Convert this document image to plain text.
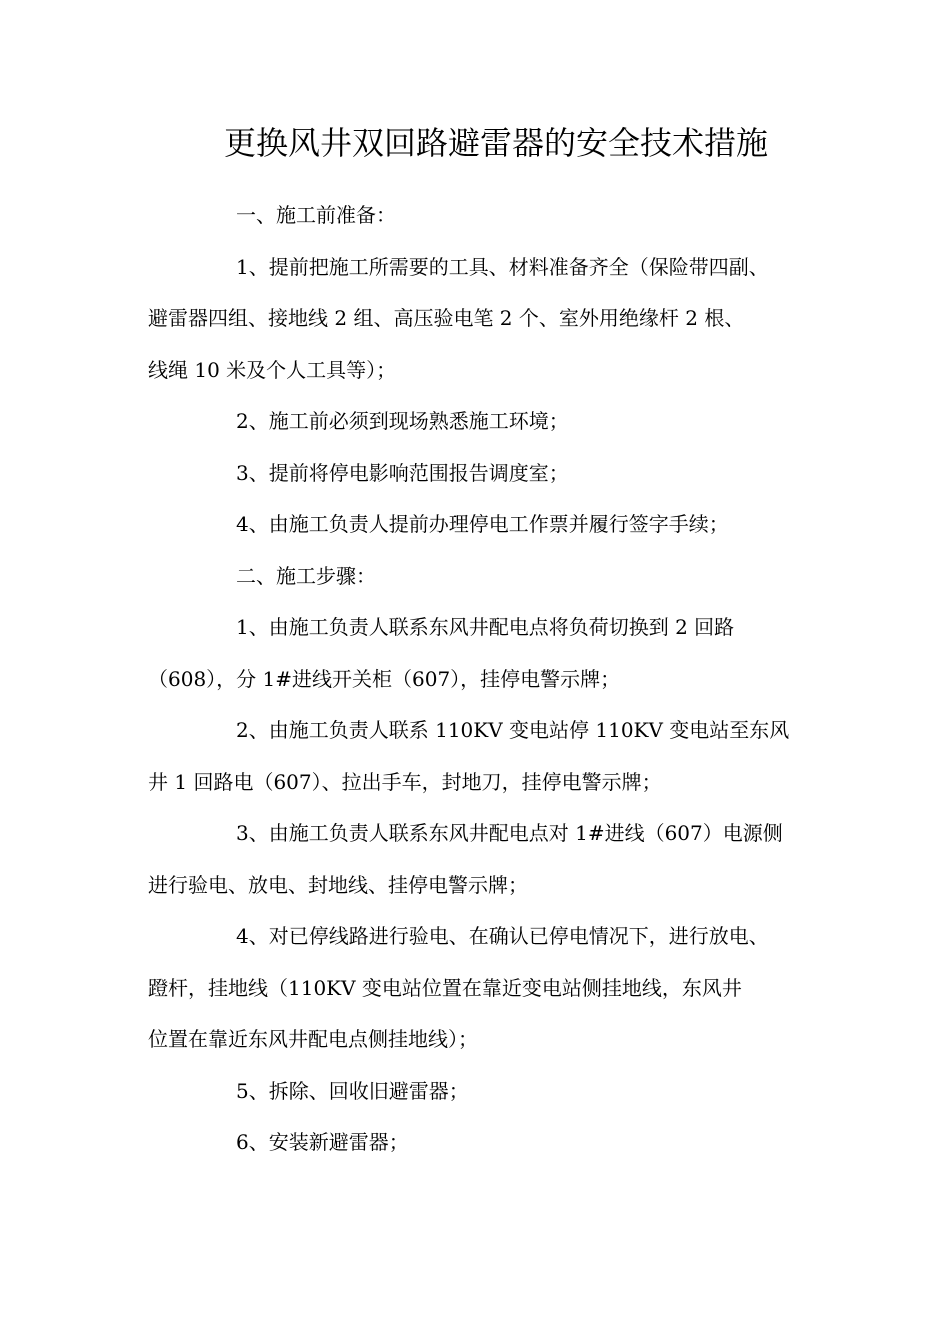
更换风井双回路避雷器的安全技术措施

一、施工前准备：

1、提前把施工所需要的工具、材料准备齐全（保险带四副、

避雷器四组、接地线 2 组、高压验电笔 2 个、室外用绝缘杆 2 根、

线绳 10 米及个人工具等）；

2、施工前必须到现场熟悉施工环境；

3、提前将停电影响范围报告调度室；

4、由施工负责人提前办理停电工作票并履行签字手续；

二、施工步骤：

1、由施工负责人联系东风井配电点将负荷切换到 2 回路

（608），分 1#进线开关柜（607），挂停电警示牌；

2、由施工负责人联系 110KV 变电站停 110KV 变电站至东风

井 1 回路电（607）、拉出手车，封地刀，挂停电警示牌；

3、由施工负责人联系东风井配电点对 1#进线（607）电源侧

进行验电、放电、封地线、挂停电警示牌；

4、对已停线路进行验电、在确认已停电情况下，进行放电、

蹬杆，挂地线（110KV 变电站位置在靠近变电站侧挂地线，东风井

位置在靠近东风井配电点侧挂地线）；

5、拆除、回收旧避雷器；

6、安装新避雷器；
